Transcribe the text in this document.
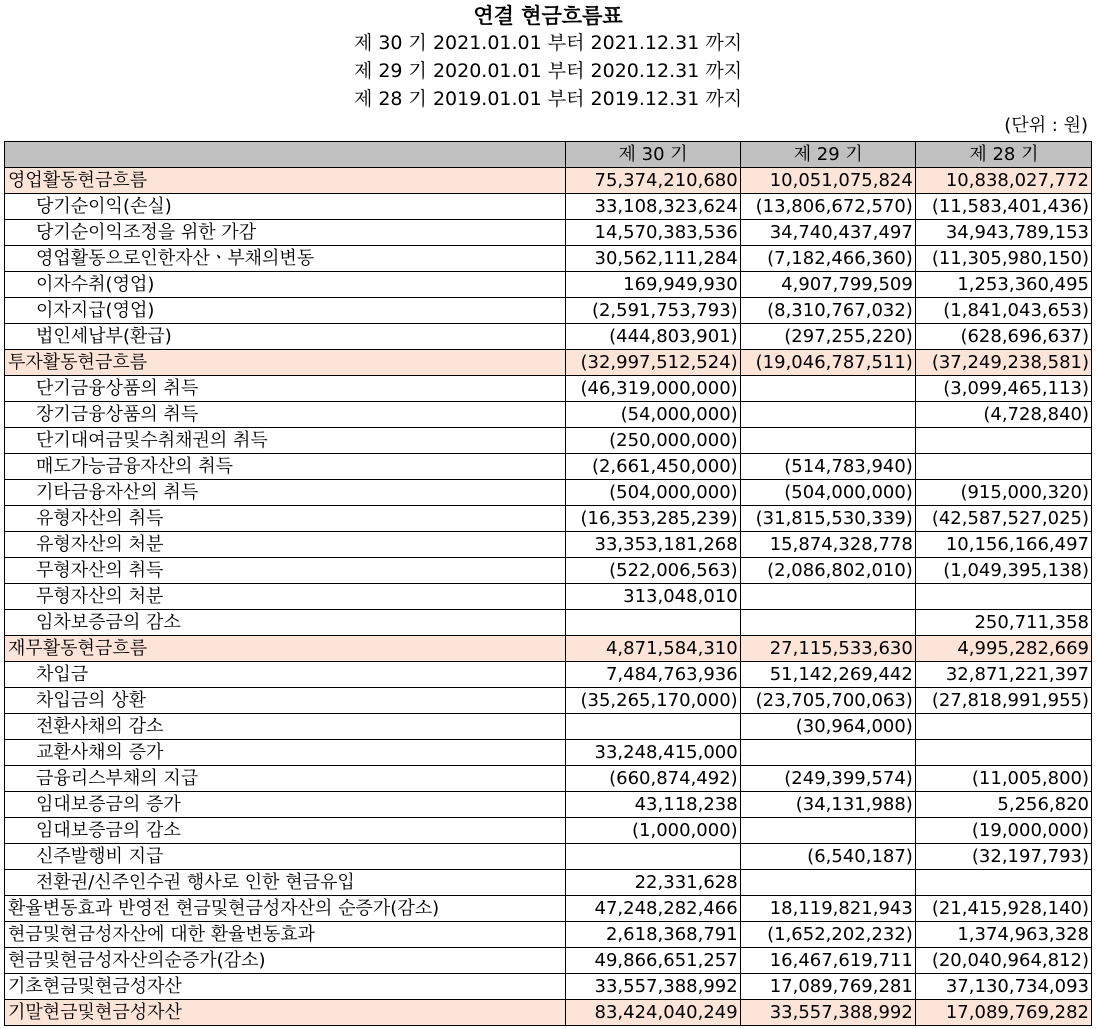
연결 현금흐름표
제 30 기 2021.01.01 부터 2021.12.31 까지
제 29 기 2020.01.01 부터 2020.12.31 까지
제 28 기 2019.01.01 부터 2019.12.31 까지
(단위 : 원)
	제 30 기	제 29 기	제 28 기
영업활동현금흐름	75,374,210,680	10,051,075,824	10,838,027,772
당기순이익(손실)	33,108,323,624	(13,806,672,570)	(11,583,401,436)
당기순이익조정을 위한 가감	14,570,383,536	34,740,437,497	34,943,789,153
영업활동으로인한자산ㆍ부채의변동	30,562,111,284	(7,182,466,360)	(11,305,980,150)
이자수취(영업)	169,949,930	4,907,799,509	1,253,360,495
이자지급(영업)	(2,591,753,793)	(8,310,767,032)	(1,841,043,653)
법인세납부(환급)	(444,803,901)	(297,255,220)	(628,696,637)
투자활동현금흐름	(32,997,512,524)	(19,046,787,511)	(37,249,238,581)
단기금융상품의 취득	(46,319,000,000)		(3,099,465,113)
장기금융상품의 취득	(54,000,000)		(4,728,840)
단기대여금및수취채권의 취득	(250,000,000)		
매도가능금융자산의 취득	(2,661,450,000)	(514,783,940)	
기타금융자산의 취득	(504,000,000)	(504,000,000)	(915,000,320)
유형자산의 취득	(16,353,285,239)	(31,815,530,339)	(42,587,527,025)
유형자산의 처분	33,353,181,268	15,874,328,778	10,156,166,497
무형자산의 취득	(522,006,563)	(2,086,802,010)	(1,049,395,138)
무형자산의 처분	313,048,010		
임차보증금의 감소			250,711,358
재무활동현금흐름	4,871,584,310	27,115,533,630	4,995,282,669
차입금	7,484,763,936	51,142,269,442	32,871,221,397
차입금의 상환	(35,265,170,000)	(23,705,700,063)	(27,818,991,955)
전환사채의 감소		(30,964,000)	
교환사채의 증가	33,248,415,000		
금융리스부채의 지급	(660,874,492)	(249,399,574)	(11,005,800)
임대보증금의 증가	43,118,238	(34,131,988)	5,256,820
임대보증금의 감소	(1,000,000)		(19,000,000)
신주발행비 지급		(6,540,187)	(32,197,793)
전환권/신주인수권 행사로 인한 현금유입	22,331,628		
환율변동효과 반영전 현금및현금성자산의 순증가(감소)	47,248,282,466	18,119,821,943	(21,415,928,140)
현금및현금성자산에 대한 환율변동효과	2,618,368,791	(1,652,202,232)	1,374,963,328
현금및현금성자산의순증가(감소)	49,866,651,257	16,467,619,711	(20,040,964,812)
기초현금및현금성자산	33,557,388,992	17,089,769,281	37,130,734,093
기말현금및현금성자산	83,424,040,249	33,557,388,992	17,089,769,282
